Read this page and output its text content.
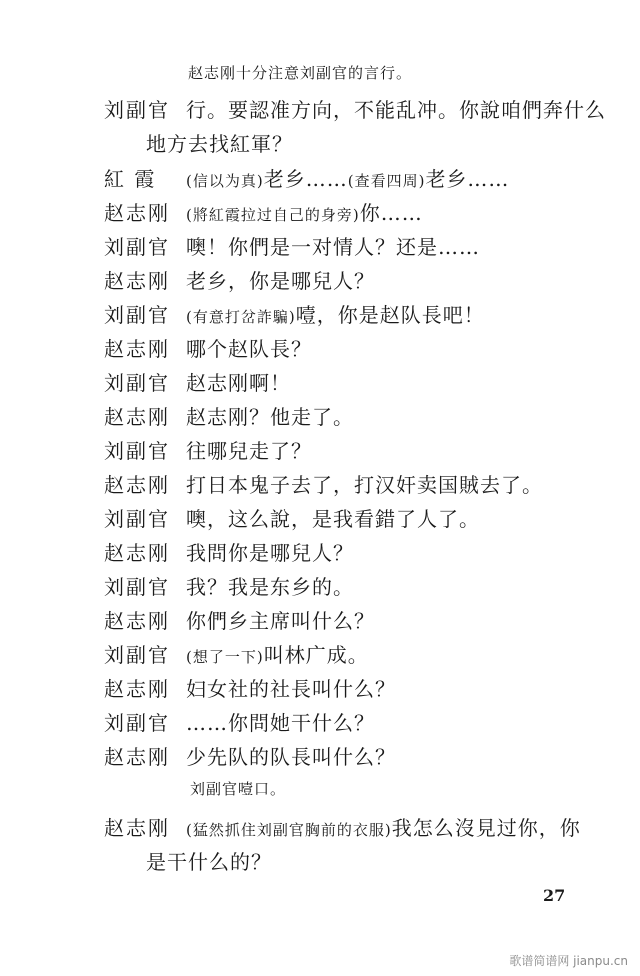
赵志刚十分注意刘副官的言行。
刘副官 行。要認准方向，不能乱冲。你說咱們奔什么
地方去找紅軍？
紅 霞 (信以为真)老乡……(查看四周)老乡……
赵志刚 (將紅霞拉过自己的身旁)你……
刘副官 噢！你們是一对情人？还是……
赵志刚 老乡，你是哪兒人？
刘副官 (有意打岔詐騙)噎，你是赵队長吧！
赵志刚 哪个赵队長？
刘副官 赵志刚啊！
赵志刚 赵志刚？他走了。
刘副官 往哪兒走了？
赵志刚 打日本鬼子去了，打汉奸卖国賊去了。
刘副官 噢，这么說，是我看錯了人了。
赵志刚 我問你是哪兒人？
刘副官 我？我是东乡的。
赵志刚 你們乡主席叫什么？
刘副官 (想了一下)叫林广成。
赵志刚 妇女社的社長叫什么？
刘副官 ……你問她干什么？
赵志刚 少先队的队長叫什么？
刘副官噎口。
赵志刚 (猛然抓住刘副官胸前的衣服)我怎么沒見过你，你
是干什么的？
27
歌谱简谱网 jianpu.cn
